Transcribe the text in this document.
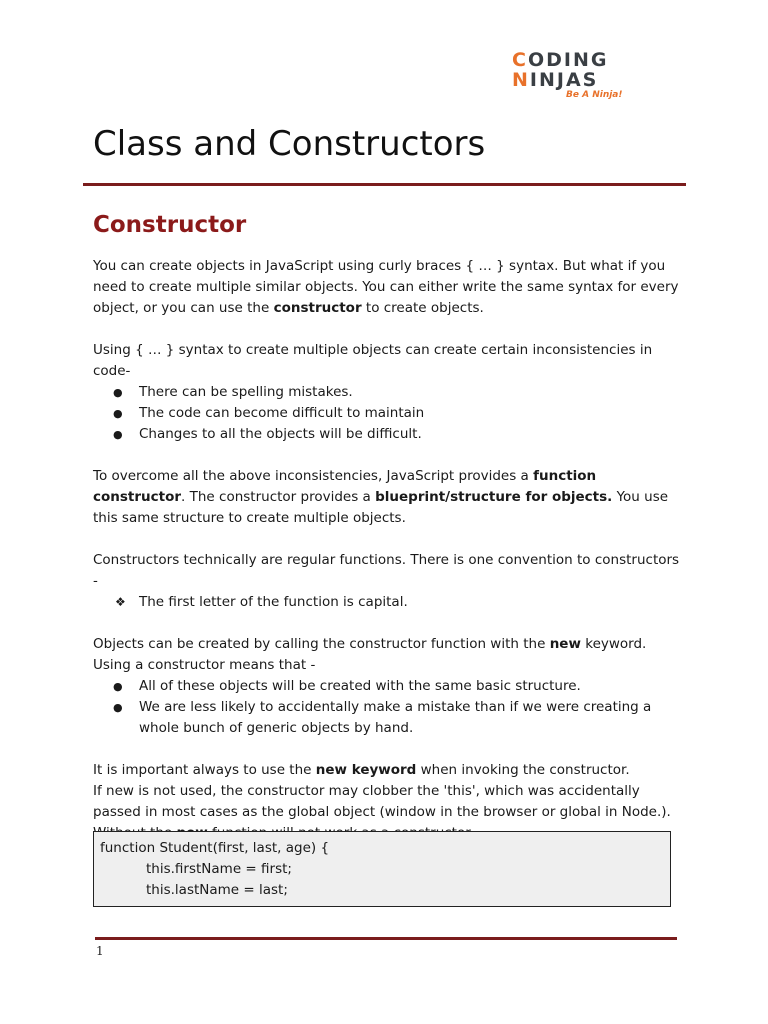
CODING
NINJAS
Be A Ninja!
Class and Constructors
Constructor

You can create objects in JavaScript using curly braces { … } syntax. But what if you need to create multiple similar objects. You can either write the same syntax for every object, or you can use the constructor to create objects.

Using { … } syntax to create multiple objects can create certain inconsistencies in code-

● There can be spelling mistakes.
● The code can become difficult to maintain
● Changes to all the objects will be difficult.

To overcome all the above inconsistencies, JavaScript provides a function constructor. The constructor provides a blueprint/structure for objects. You use this same structure to create multiple objects.

Constructors technically are regular functions. There is one convention to constructors -

❖ The first letter of the function is capital.

Objects can be created by calling the constructor function with the new keyword.

Using a constructor means that -

● All of these objects will be created with the same basic structure.
● We are less likely to accidentally make a mistake than if we were creating a whole bunch of generic objects by hand.

It is important always to use the new keyword when invoking the constructor.

If new is not used, the constructor may clobber the 'this', which was accidentally passed in most cases as the global object (window in the browser or global in Node.).

function Student(first, last, age) {
this.firstName = first;
this.lastName = last;
1
